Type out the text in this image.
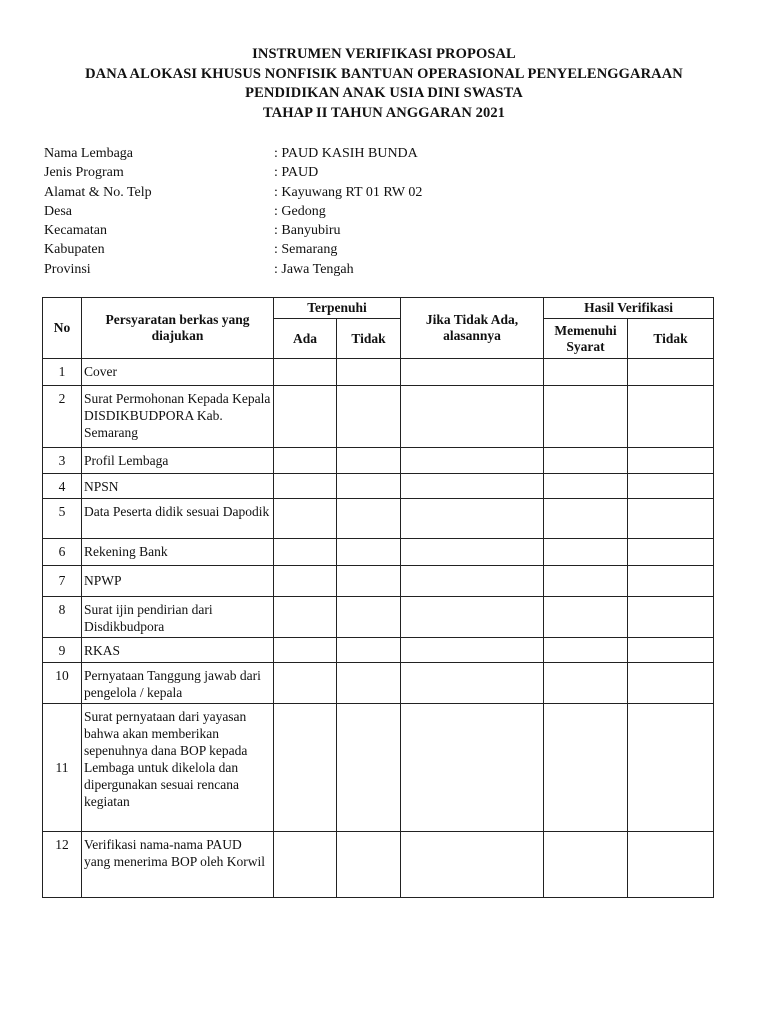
INSTRUMEN VERIFIKASI PROPOSAL
DANA ALOKASI KHUSUS NONFISIK BANTUAN OPERASIONAL PENYELENGGARAAN
PENDIDIKAN ANAK USIA DINI SWASTA
TAHAP II TAHUN ANGGARAN 2021
Nama Lembaga	: PAUD KASIH BUNDA
Jenis Program	: PAUD
Alamat & No. Telp	: Kayuwang RT 01 RW 02
Desa	: Gedong
Kecamatan	: Banyubiru
Kabupaten	: Semarang
Provinsi	: Jawa Tengah
No	Persyaratan berkas yang diajukan	Terpenuhi		Jika Tidak Ada, alasannya	Hasil Verifikasi	
		Ada	Tidak		Memenuhi Syarat	Tidak
1	Cover					
2	Surat Permohonan Kepada Kepala DISDIKBUDPORA Kab. Semarang					
3	Profil Lembaga					
4	NPSN					
5	Data Peserta didik sesuai Dapodik					
6	Rekening Bank					
7	NPWP					
8	Surat ijin pendirian dari Disdikbudpora					
9	RKAS					
10	Pernyataan Tanggung jawab dari pengelola / kepala					
11	Surat pernyataan dari yayasan bahwa akan memberikan sepenuhnya dana BOP kepada Lembaga untuk dikelola dan dipergunakan sesuai rencana kegiatan					
12	Verifikasi nama-nama PAUD yang menerima BOP oleh Korwil					
